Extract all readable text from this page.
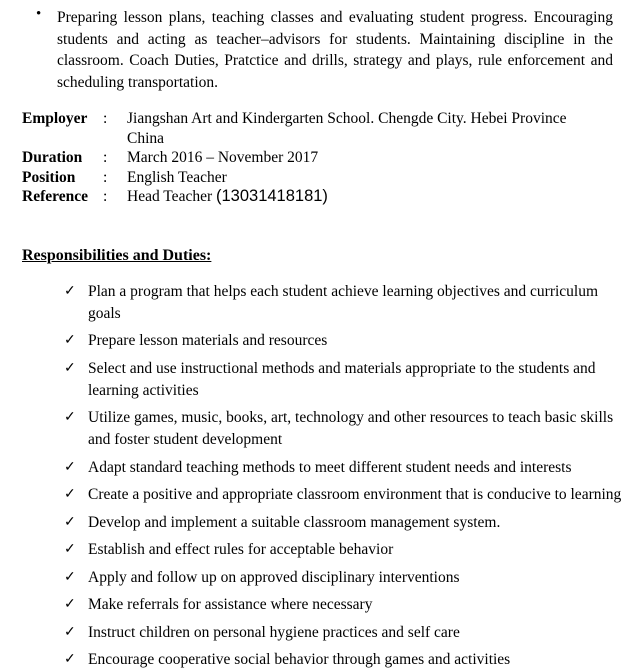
• Preparing lesson plans, teaching classes and evaluating student progress. Encouraging students and acting as teacher–advisors for students. Maintaining discipline in the classroom. Coach Duties, Pratctice and drills, strategy and plays, rule enforcement and scheduling transportation.
Employer	:	Jiangshan Art and Kindergarten School. Chengde City. Hebei Province China
Duration	:	March 2016 – November 2017
Position	:	English Teacher
Reference :	Head Teacher (13031418181)
Responsibilities and Duties:
✓ Plan a program that helps each student achieve learning objectives and curriculum goals
✓ Prepare lesson materials and resources
✓ Select and use instructional methods and materials appropriate to the students and learning activities
✓ Utilize games, music, books, art, technology and other resources to teach basic skills and foster student development
✓ Adapt standard teaching methods to meet different student needs and interests
✓ Create a positive and appropriate classroom environment that is conducive to learning
✓ Develop and implement a suitable classroom management system.
✓ Establish and effect rules for acceptable behavior
✓ Apply and follow up on approved disciplinary interventions
✓ Make referrals for assistance where necessary
✓ Instruct children on personal hygiene practices and self care
✓ Encourage cooperative social behavior through games and activities
